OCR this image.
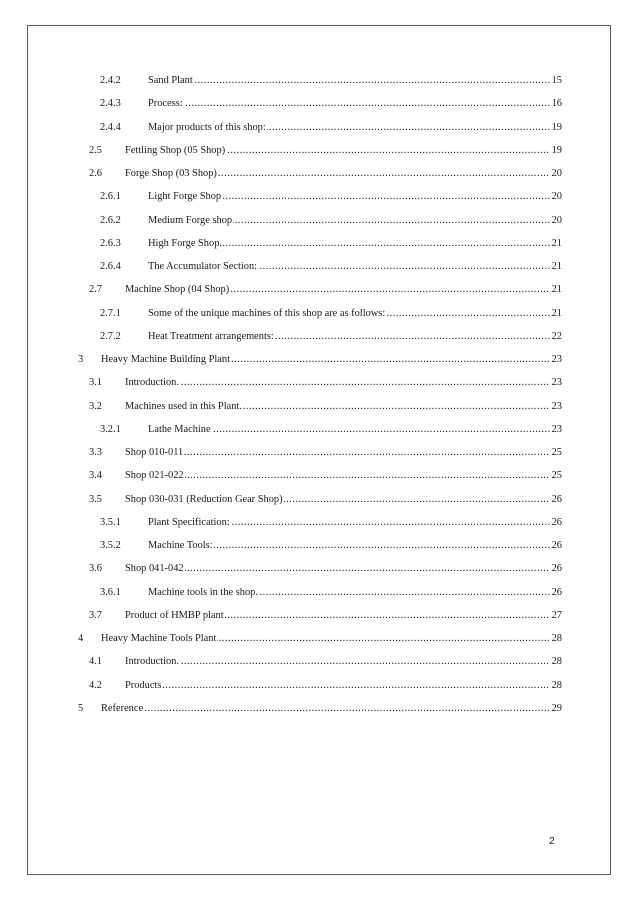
2.4.2	Sand Plant .....	15
2.4.3	Process: .....	16
2.4.4	Major products of this shop: .....	19
2.5	Fettling Shop (05 Shop) .....	19
2.6	Forge Shop (03 Shop) .....	20
2.6.1	Light Forge Shop .....	20
2.6.2	Medium Forge shop .....	20
2.6.3	High Forge Shop .....	21
2.6.4	The Accumulator Section: .....	21
2.7	Machine Shop (04 Shop) .....	21
2.7.1	Some of the unique machines of this shop are as follows: .....	21
2.7.2	Heat Treatment arrangements: .....	22
3	Heavy Machine Building Plant .....	23
3.1	Introduction. .....	23
3.2	Machines used in this Plant. .....	23
3.2.1	Lathe Machine .....	23
3.3	Shop 010-011 .....	25
3.4	Shop 021-022 .....	25
3.5	Shop 030-031 (Reduction Gear Shop) .....	26
3.5.1	Plant Specification: .....	26
3.5.2	Machine Tools: .....	26
3.6	Shop 041-042 .....	26
3.6.1	Machine tools in the shop. .....	26
3.7	Product of HMBP plant .....	27
4	Heavy Machine Tools Plant .....	28
4.1	Introduction. .....	28
4.2	Products .....	28
5	Reference .....	29
2
